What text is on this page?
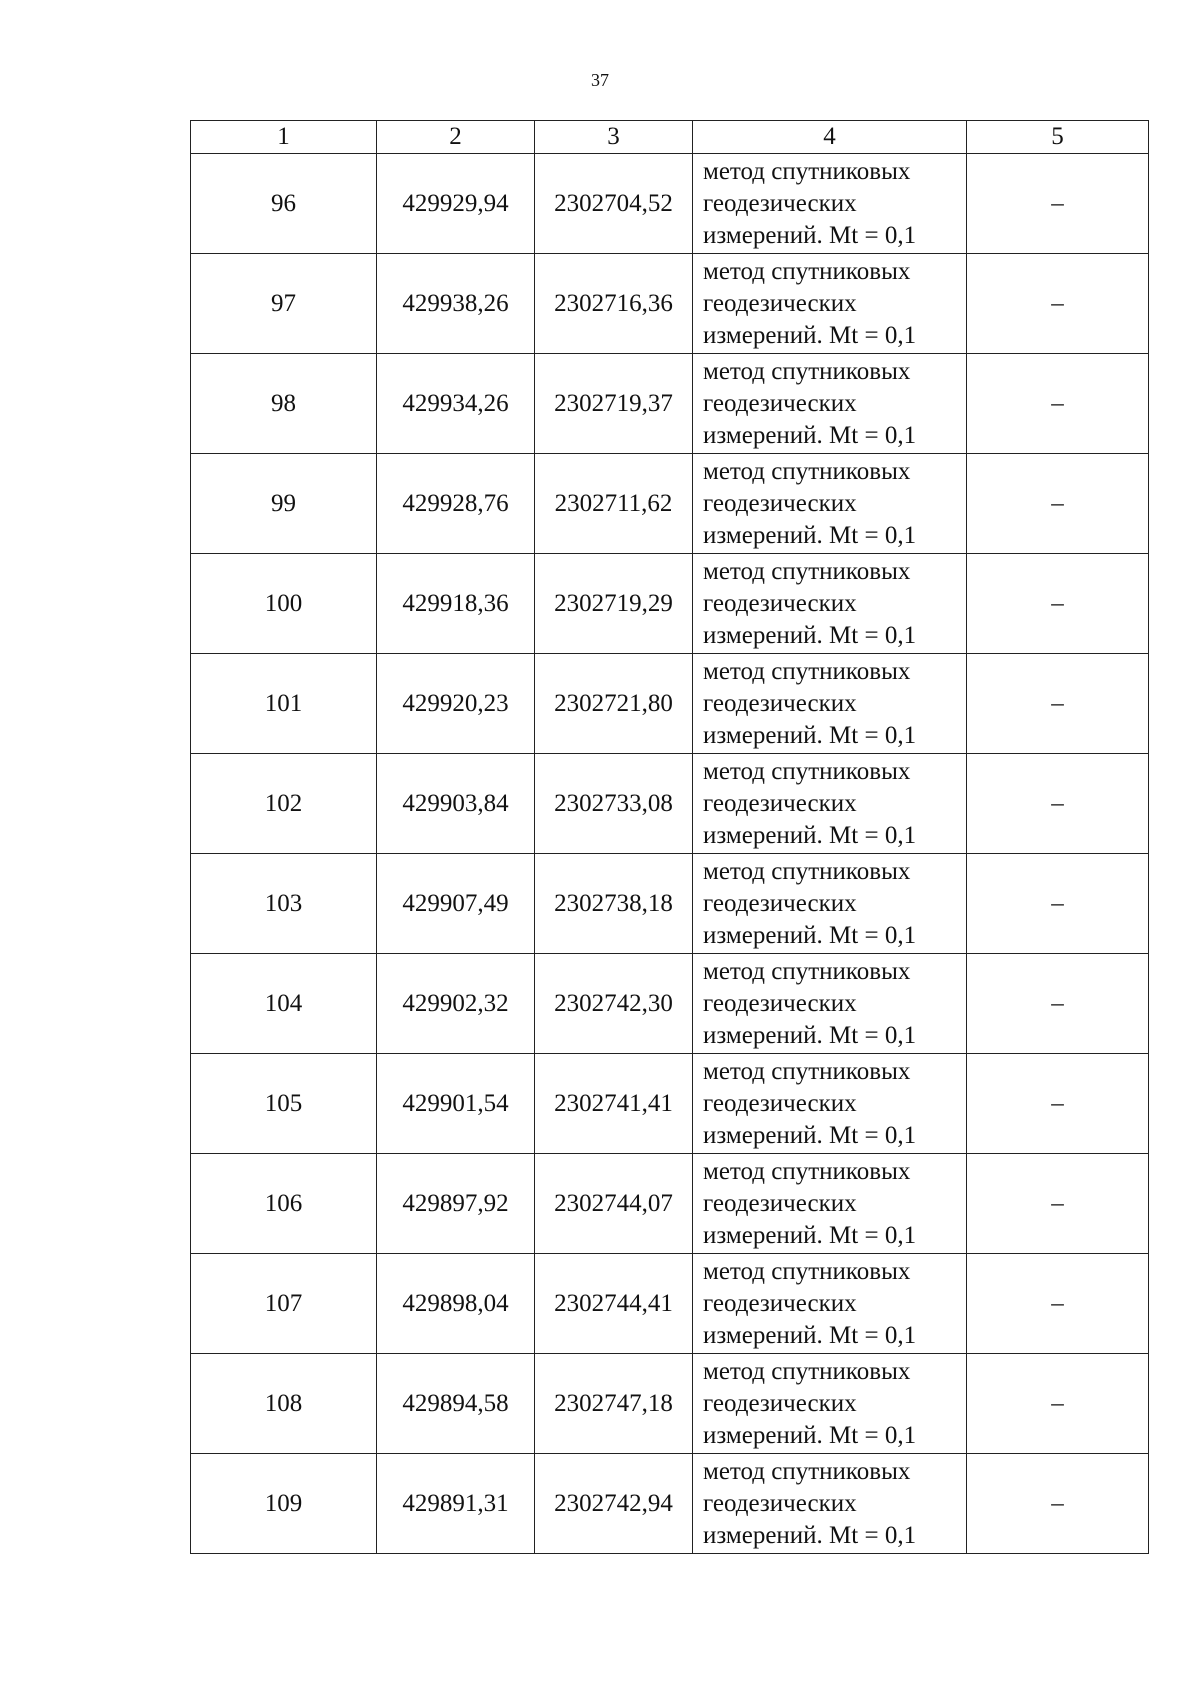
37
1	2	3	4	5
96	429929,94	2302704,52	метод спутниковых
геодезических
измерений. Mt = 0,1	–
97	429938,26	2302716,36	метод спутниковых
геодезических
измерений. Mt = 0,1	–
98	429934,26	2302719,37	метод спутниковых
геодезических
измерений. Mt = 0,1	–
99	429928,76	2302711,62	метод спутниковых
геодезических
измерений. Mt = 0,1	–
100	429918,36	2302719,29	метод спутниковых
геодезических
измерений. Mt = 0,1	–
101	429920,23	2302721,80	метод спутниковых
геодезических
измерений. Mt = 0,1	–
102	429903,84	2302733,08	метод спутниковых
геодезических
измерений. Mt = 0,1	–
103	429907,49	2302738,18	метод спутниковых
геодезических
измерений. Mt = 0,1	–
104	429902,32	2302742,30	метод спутниковых
геодезических
измерений. Mt = 0,1	–
105	429901,54	2302741,41	метод спутниковых
геодезических
измерений. Mt = 0,1	–
106	429897,92	2302744,07	метод спутниковых
геодезических
измерений. Mt = 0,1	–
107	429898,04	2302744,41	метод спутниковых
геодезических
измерений. Mt = 0,1	–
108	429894,58	2302747,18	метод спутниковых
геодезических
измерений. Mt = 0,1	–
109	429891,31	2302742,94	метод спутниковых
геодезических
измерений. Mt = 0,1	–
